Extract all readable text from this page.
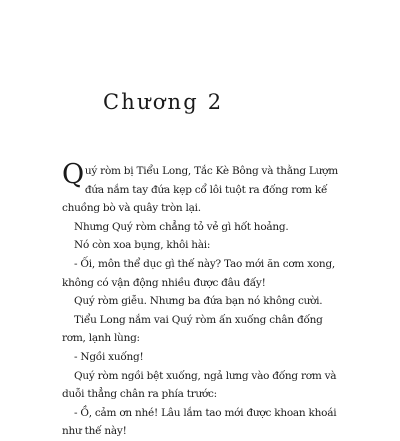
Chương 2

Quý ròm bị Tiểu Long, Tắc Kè Bông và thằng Lượm đứa nắm tay đứa kẹp cổ lôi tuột ra đống rơm kế chuồng bò và quây tròn lại.

Nhưng Quý ròm chẳng tỏ vẻ gì hốt hoảng.

Nó còn xoa bụng, khôi hài:

- Ối, môn thể dục gì thế này? Tao mới ăn cơm xong, không có vận động nhiều được đâu đấy!

Quý ròm giễu. Nhưng ba đứa bạn nó không cười.

Tiểu Long nắm vai Quý ròm ấn xuống chân đống rơm, lạnh lùng:

- Ngồi xuống!

Quý ròm ngồi bệt xuống, ngả lưng vào đống rơm và duỗi thẳng chân ra phía trước:

- Ồ, cảm ơn nhé! Lâu lắm tao mới được khoan khoái như thế này!
